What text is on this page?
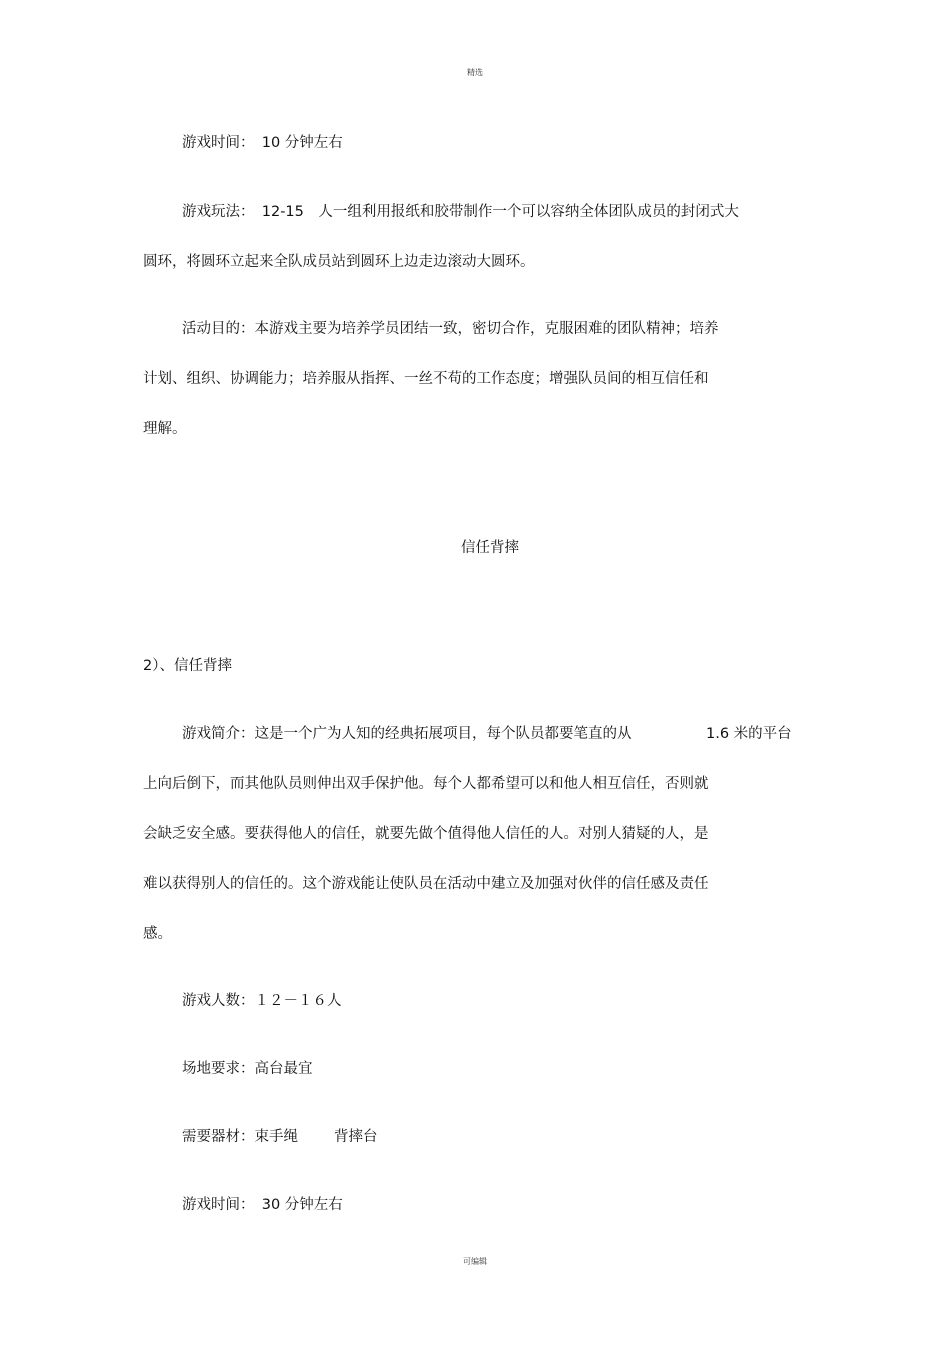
精选
游戏时间：　10 分钟左右
游戏玩法：　12-15　人一组利用报纸和胶带制作一个可以容纳全体团队成员的封闭式大
圆环，将圆环立起来全队成员站到圆环上边走边滚动大圆环。
活动目的：本游戏主要为培养学员团结一致，密切合作，克服困难的团队精神；培养
计划、组织、协调能力；培养服从指挥、一丝不苟的工作态度；增强队员间的相互信任和
理解。
信任背摔
2）、信任背摔
游戏简介：这是一个广为人知的经典拓展项目，每个队员都要笔直的从	1.6 米的平台
上向后倒下，而其他队员则伸出双手保护他。每个人都希望可以和他人相互信任，否则就
会缺乏安全感。要获得他人的信任，就要先做个值得他人信任的人。对别人猜疑的人，是
难以获得别人的信任的。这个游戏能让使队员在活动中建立及加强对伙伴的信任感及责任
感。
游戏人数：１２－１６人
场地要求：高台最宜
需要器材：束手绳 背摔台
游戏时间：　30 分钟左右
可编辑
